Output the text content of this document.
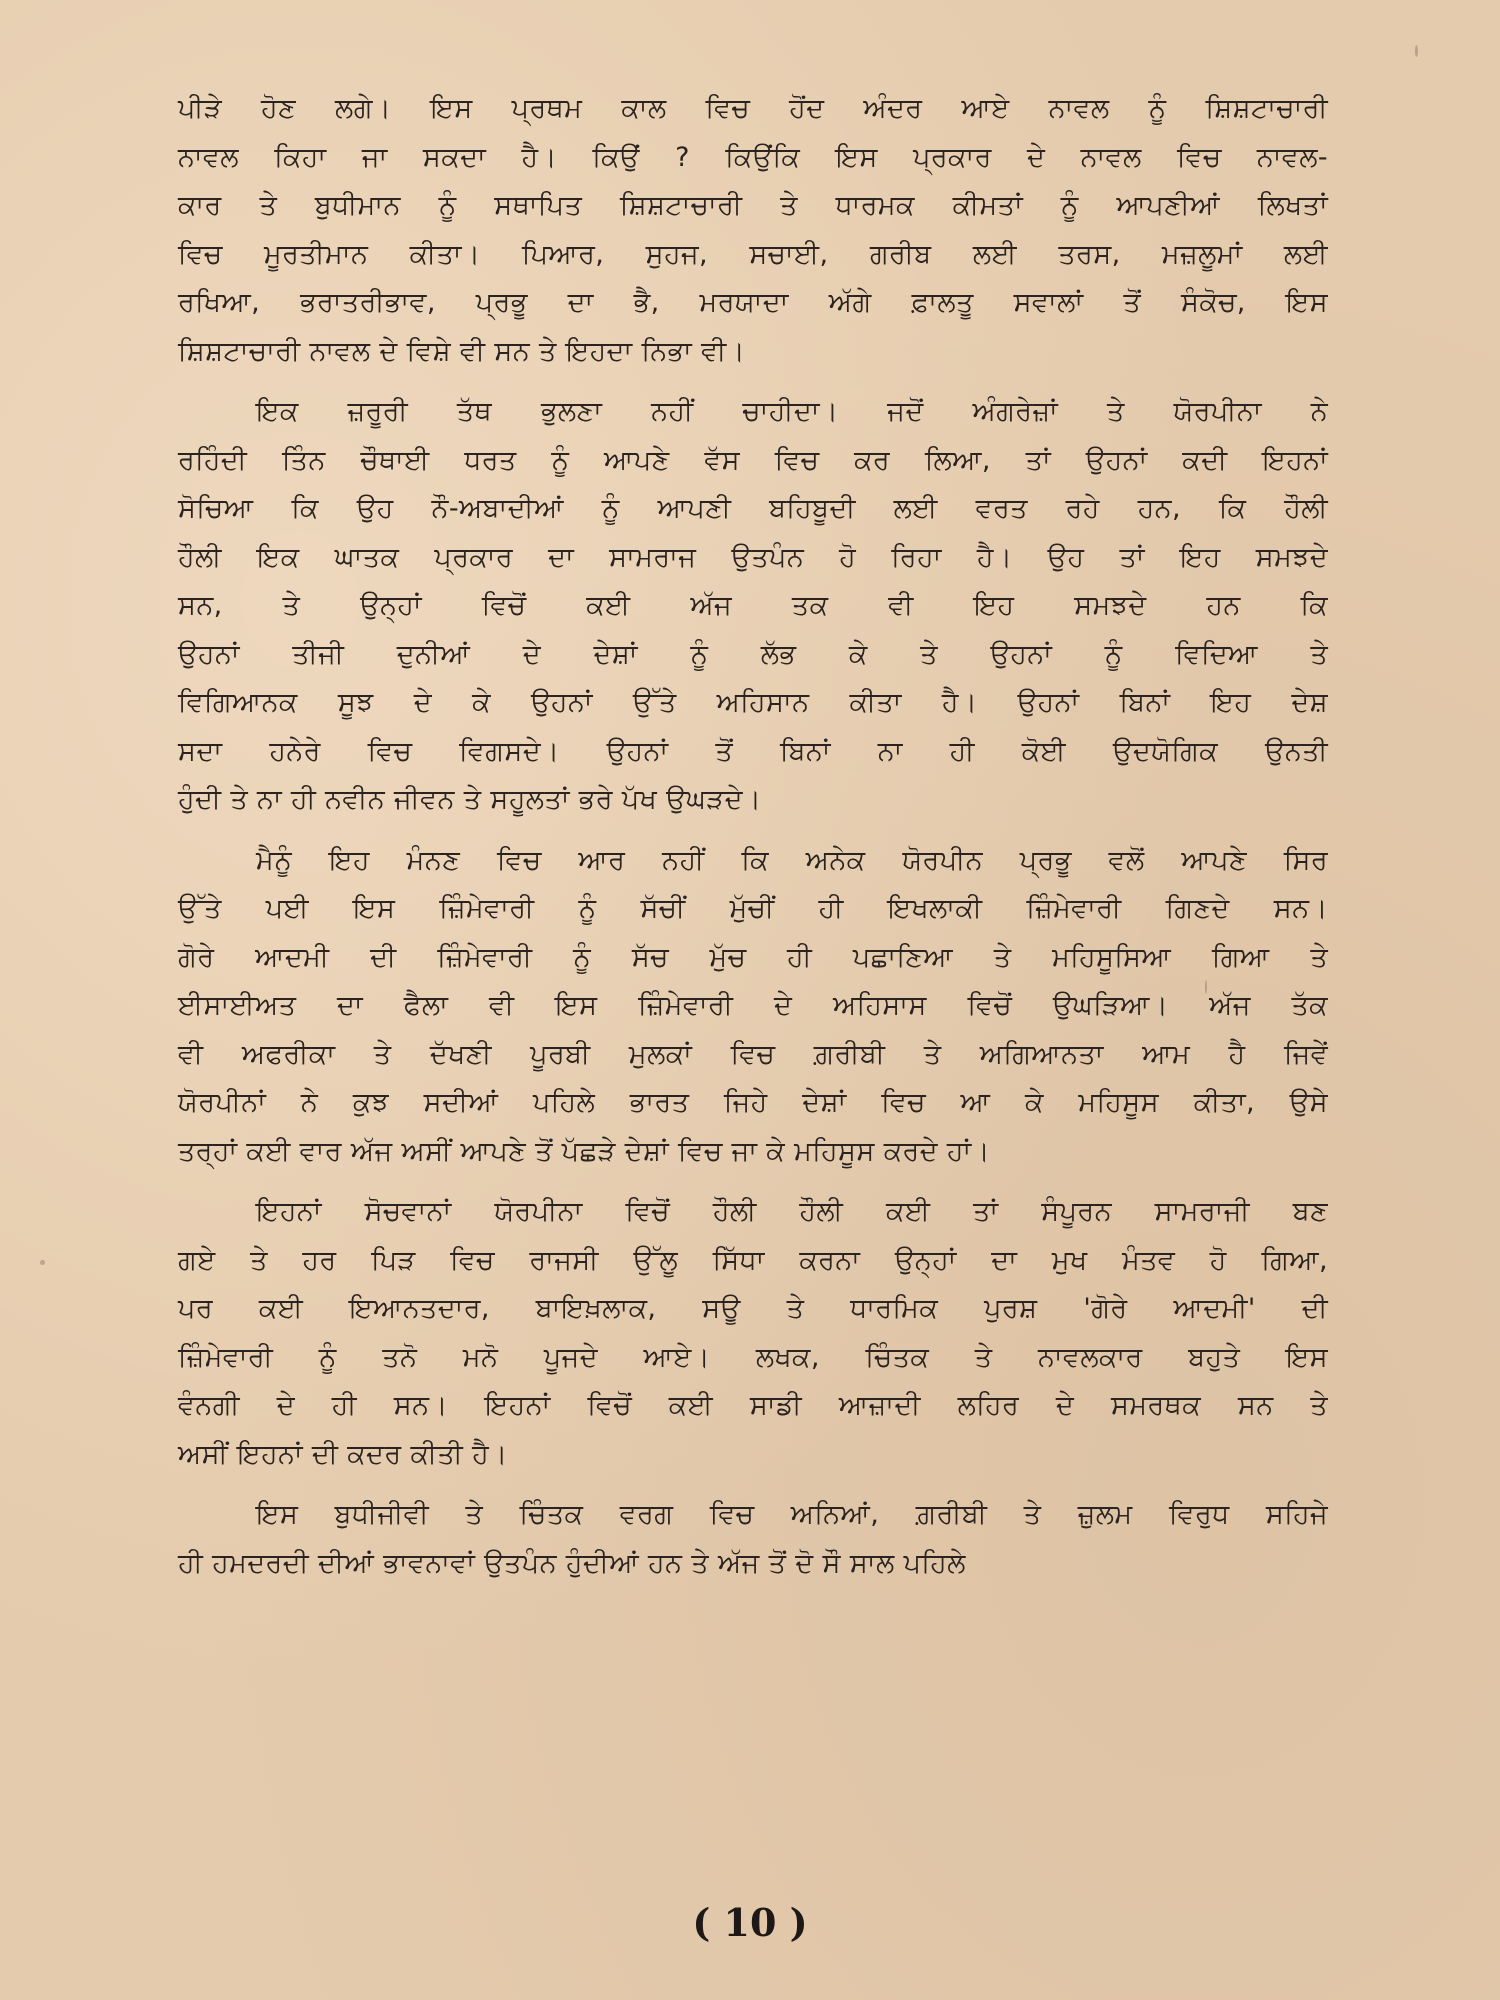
ਪੀੜੇ ਹੋਣ ਲਗੇ। ਇਸ ਪ੍ਰਥਮ ਕਾਲ ਵਿਚ ਹੋਂਦ ਅੰਦਰ ਆਏ ਨਾਵਲ ਨੂੰ ਸ਼ਿਸ਼ਟਾਚਾਰੀ
ਨਾਵਲ ਕਿਹਾ ਜਾ ਸਕਦਾ ਹੈ। ਕਿਉਂ ? ਕਿਉਂਕਿ ਇਸ ਪ੍ਰਕਾਰ ਦੇ ਨਾਵਲ ਵਿਚ ਨਾਵਲ-
ਕਾਰ ਤੇ ਬੁਧੀਮਾਨ ਨੂੰ ਸਥਾਪਿਤ ਸ਼ਿਸ਼ਟਾਚਾਰੀ ਤੇ ਧਾਰਮਕ ਕੀਮਤਾਂ ਨੂੰ ਆਪਣੀਆਂ ਲਿਖਤਾਂ
ਵਿਚ ਮੂਰਤੀਮਾਨ ਕੀਤਾ। ਪਿਆਰ, ਸੁਹਜ, ਸਚਾਈ, ਗਰੀਬ ਲਈ ਤਰਸ, ਮਜ਼ਲੂਮਾਂ ਲਈ
ਰਖਿਆ, ਭਰਾਤਰੀਭਾਵ, ਪ੍ਰਭੂ ਦਾ ਭੈ, ਮਰਯਾਦਾ ਅੱਗੇ ਫ਼ਾਲਤੂ ਸਵਾਲਾਂ ਤੋਂ ਸੰਕੋਚ, ਇਸ
ਸ਼ਿਸ਼ਟਾਚਾਰੀ ਨਾਵਲ ਦੇ ਵਿਸ਼ੇ ਵੀ ਸਨ ਤੇ ਇਹਦਾ ਨਿਭਾ ਵੀ।
ਇਕ ਜ਼ਰੂਰੀ ਤੱਥ ਭੁਲਣਾ ਨਹੀਂ ਚਾਹੀਦਾ। ਜਦੋਂ ਅੰਗਰੇਜ਼ਾਂ ਤੇ ਯੋਰਪੀਨਾ ਨੇ
ਰਹਿੰਦੀ ਤਿੰਨ ਚੌਥਾਈ ਧਰਤ ਨੂੰ ਆਪਣੇ ਵੱਸ ਵਿਚ ਕਰ ਲਿਆ, ਤਾਂ ਉਹਨਾਂ ਕਦੀ ਇਹਨਾਂ
ਸੋਚਿਆ ਕਿ ਉਹ ਨੌ-ਅਬਾਦੀਆਂ ਨੂੰ ਆਪਣੀ ਬਹਿਬੂਦੀ ਲਈ ਵਰਤ ਰਹੇ ਹਨ, ਕਿ ਹੌਲੀ
ਹੌਲੀ ਇਕ ਘਾਤਕ ਪ੍ਰਕਾਰ ਦਾ ਸਾਮਰਾਜ ਉਤਪੰਨ ਹੋ ਰਿਹਾ ਹੈ। ਉਹ ਤਾਂ ਇਹ ਸਮਝਦੇ
ਸਨ, ਤੇ ਉਨ੍ਹਾਂ ਵਿਚੋਂ ਕਈ ਅੱਜ ਤਕ ਵੀ ਇਹ ਸਮਝਦੇ ਹਨ ਕਿ
ਉਹਨਾਂ ਤੀਜੀ ਦੁਨੀਆਂ ਦੇ ਦੇਸ਼ਾਂ ਨੂੰ ਲੱਭ ਕੇ ਤੇ ਉਹਨਾਂ ਨੂੰ ਵਿਦਿਆ ਤੇ
ਵਿਗਿਆਨਕ ਸੂਝ ਦੇ ਕੇ ਉਹਨਾਂ ਉੱਤੇ ਅਹਿਸਾਨ ਕੀਤਾ ਹੈ। ਉਹਨਾਂ ਬਿਨਾਂ ਇਹ ਦੇਸ਼
ਸਦਾ ਹਨੇਰੇ ਵਿਚ ਵਿਗਸਦੇ। ਉਹਨਾਂ ਤੋਂ ਬਿਨਾਂ ਨਾ ਹੀ ਕੋਈ ਉਦਯੋਗਿਕ ਉਨਤੀ
ਹੁੰਦੀ ਤੇ ਨਾ ਹੀ ਨਵੀਨ ਜੀਵਨ ਤੇ ਸਹੂਲਤਾਂ ਭਰੇ ਪੱਖ ਉਘੜਦੇ।
ਮੈਨੂੰ ਇਹ ਮੰਨਣ ਵਿਚ ਆਰ ਨਹੀਂ ਕਿ ਅਨੇਕ ਯੋਰਪੀਨ ਪ੍ਰਭੂ ਵਲੋਂ ਆਪਣੇ ਸਿਰ
ਉੱਤੇ ਪਈ ਇਸ ਜ਼ਿੰਮੇਵਾਰੀ ਨੂੰ ਸੱਚੀਂ ਮੁੱਚੀਂ ਹੀ ਇਖਲਾਕੀ ਜ਼ਿੰਮੇਵਾਰੀ ਗਿਣਦੇ ਸਨ।
ਗੋਰੇ ਆਦਮੀ ਦੀ ਜ਼ਿੰਮੇਵਾਰੀ ਨੂੰ ਸੱਚ ਮੁੱਚ ਹੀ ਪਛਾਣਿਆ ਤੇ ਮਹਿਸੂਸਿਆ ਗਿਆ ਤੇ
ਈਸਾਈਅਤ ਦਾ ਫੈਲਾ ਵੀ ਇਸ ਜ਼ਿੰਮੇਵਾਰੀ ਦੇ ਅਹਿਸਾਸ ਵਿਚੋਂ ਉਘੜਿਆ। ਅੱਜ ਤੱਕ
ਵੀ ਅਫਰੀਕਾ ਤੇ ਦੱਖਣੀ ਪੂਰਬੀ ਮੁਲਕਾਂ ਵਿਚ ਗ਼ਰੀਬੀ ਤੇ ਅਗਿਆਨਤਾ ਆਮ ਹੈ ਜਿਵੇਂ
ਯੋਰਪੀਨਾਂ ਨੇ ਕੁਝ ਸਦੀਆਂ ਪਹਿਲੇ ਭਾਰਤ ਜਿਹੇ ਦੇਸ਼ਾਂ ਵਿਚ ਆ ਕੇ ਮਹਿਸੂਸ ਕੀਤਾ, ਉਸੇ
ਤਰ੍ਹਾਂ ਕਈ ਵਾਰ ਅੱਜ ਅਸੀਂ ਆਪਣੇ ਤੋਂ ਪੱਛੜੇ ਦੇਸ਼ਾਂ ਵਿਚ ਜਾ ਕੇ ਮਹਿਸੂਸ ਕਰਦੇ ਹਾਂ।
ਇਹਨਾਂ ਸੋਚਵਾਨਾਂ ਯੋਰਪੀਨਾ ਵਿਚੋਂ ਹੌਲੀ ਹੌਲੀ ਕਈ ਤਾਂ ਸੰਪੂਰਨ ਸਾਮਰਾਜੀ ਬਣ
ਗਏ ਤੇ ਹਰ ਪਿੜ ਵਿਚ ਰਾਜਸੀ ਉੱਲੂ ਸਿੱਧਾ ਕਰਨਾ ਉਨ੍ਹਾਂ ਦਾ ਮੁਖ ਮੰਤਵ ਹੋ ਗਿਆ,
ਪਰ ਕਈ ਇਆਨਤਦਾਰ, ਬਾਇਖ਼ਲਾਕ, ਸਊ ਤੇ ਧਾਰਮਿਕ ਪੁਰਸ਼ 'ਗੋਰੇ ਆਦਮੀ' ਦੀ
ਜ਼ਿੰਮੇਵਾਰੀ ਨੂੰ ਤਨੋ ਮਨੋ ਪੂਜਦੇ ਆਏ। ਲਖਕ, ਚਿੰਤਕ ਤੇ ਨਾਵਲਕਾਰ ਬਹੁਤੇ ਇਸ
ਵੰਨਗੀ ਦੇ ਹੀ ਸਨ। ਇਹਨਾਂ ਵਿਚੋਂ ਕਈ ਸਾਡੀ ਆਜ਼ਾਦੀ ਲਹਿਰ ਦੇ ਸਮਰਥਕ ਸਨ ਤੇ
ਅਸੀਂ ਇਹਨਾਂ ਦੀ ਕਦਰ ਕੀਤੀ ਹੈ।
ਇਸ ਬੁਧੀਜੀਵੀ ਤੇ ਚਿੰਤਕ ਵਰਗ ਵਿਚ ਅਨਿਆਂ, ਗ਼ਰੀਬੀ ਤੇ ਜ਼ੁਲਮ ਵਿਰੁਧ ਸਹਿਜੇ
ਹੀ ਹਮਦਰਦੀ ਦੀਆਂ ਭਾਵਨਾਵਾਂ ਉਤਪੰਨ ਹੁੰਦੀਆਂ ਹਨ ਤੇ ਅੱਜ ਤੋਂ ਦੋ ਸੌ ਸਾਲ ਪਹਿਲੇ
( 10 )
